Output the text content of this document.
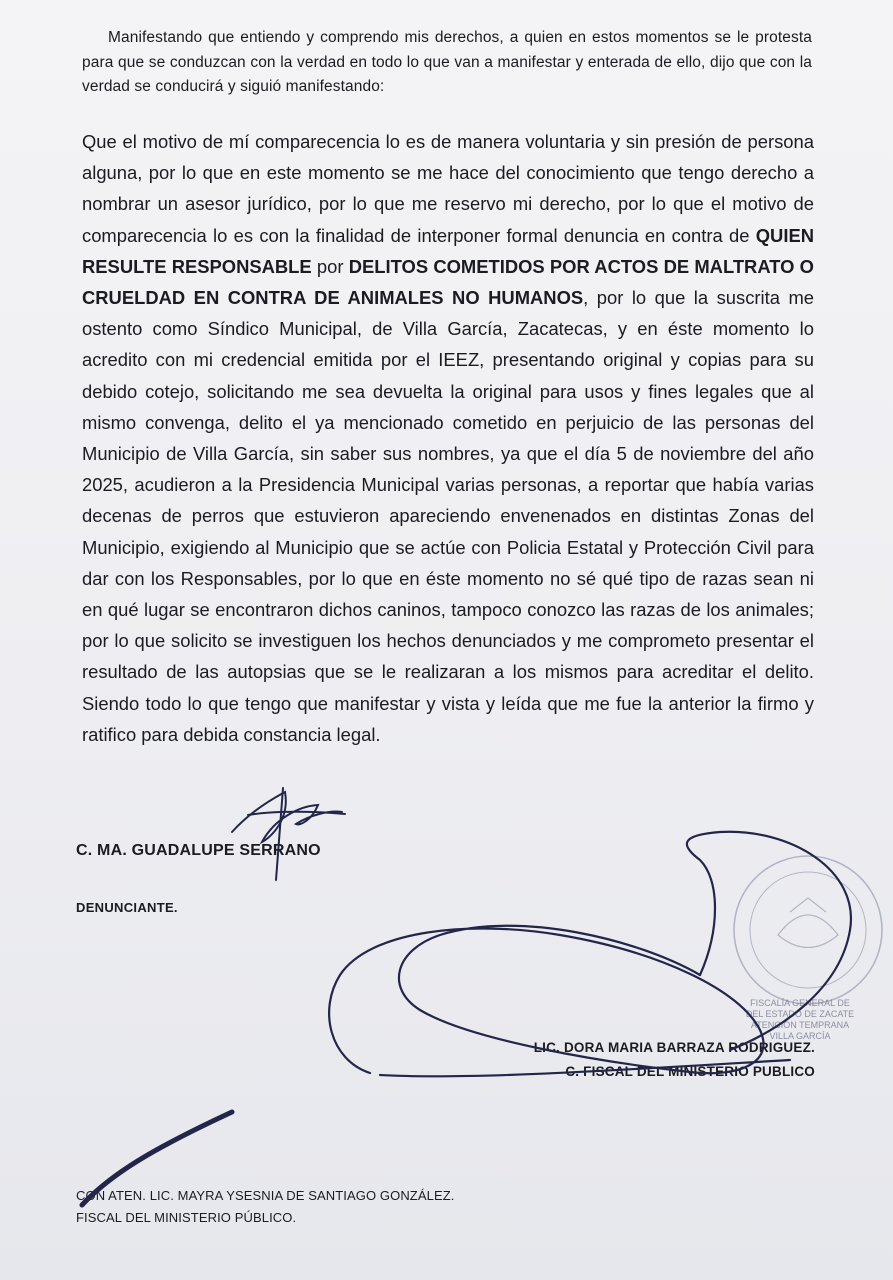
Manifestando que entiendo y comprendo mis derechos, a quien en estos momentos se le protesta para que se conduzcan con la verdad en todo lo que van a manifestar y enterada de ello, dijo que con la verdad se conducirá y siguió manifestando:
Que el motivo de mí comparecencia lo es de manera voluntaria y sin presión de persona alguna, por lo que en este momento se me hace del conocimiento que tengo derecho a nombrar un asesor jurídico, por lo que me reservo mi derecho, por lo que el motivo de comparecencia lo es con la finalidad de interponer formal denuncia en contra de QUIEN RESULTE RESPONSABLE por DELITOS COMETIDOS POR ACTOS DE MALTRATO O CRUELDAD EN CONTRA DE ANIMALES NO HUMANOS, por lo que la suscrita me ostento como Síndico Municipal, de Villa García, Zacatecas, y en éste momento lo acredito con mi credencial emitida por el IEEZ, presentando original y copias para su debido cotejo, solicitando me sea devuelta la original para usos y fines legales que al mismo convenga, delito el ya mencionado cometido en perjuicio de las personas del Municipio de Villa García, sin saber sus nombres, ya que el día 5 de noviembre del año 2025, acudieron a la Presidencia Municipal varias personas, a reportar que había varias decenas de perros que estuvieron apareciendo envenenados en distintas Zonas del Municipio, exigiendo al Municipio que se actúe con Policia Estatal y Protección Civil para dar con los Responsables, por lo que en éste momento no sé qué tipo de razas sean ni en qué lugar se encontraron dichos caninos, tampoco conozco las razas de los animales; por lo que solicito se investiguen los hechos denunciados y me comprometo presentar el resultado de las autopsias que se le realizaran a los mismos para acreditar el delito. Siendo todo lo que tengo que manifestar y vista y leída que me fue la anterior la firmo y ratifico para debida constancia legal.
C. MA. GUADALUPE SERRANO
DENUNCIANTE.
LIC. DORA MARIA BARRAZA RODRIGUEZ.
C. FISCAL DEL MINISTERIO PUBLICO
CON ATEN. LIC. MAYRA YSESNIA DE SANTIAGO GONZÁLEZ.
FISCAL DEL MINISTERIO PÚBLICO.
FISCALÍA GENERAL DE
DEL ESTADO DE ZACATE
ATENCIÓN TEMPRANA
VILLA GARCÍA
